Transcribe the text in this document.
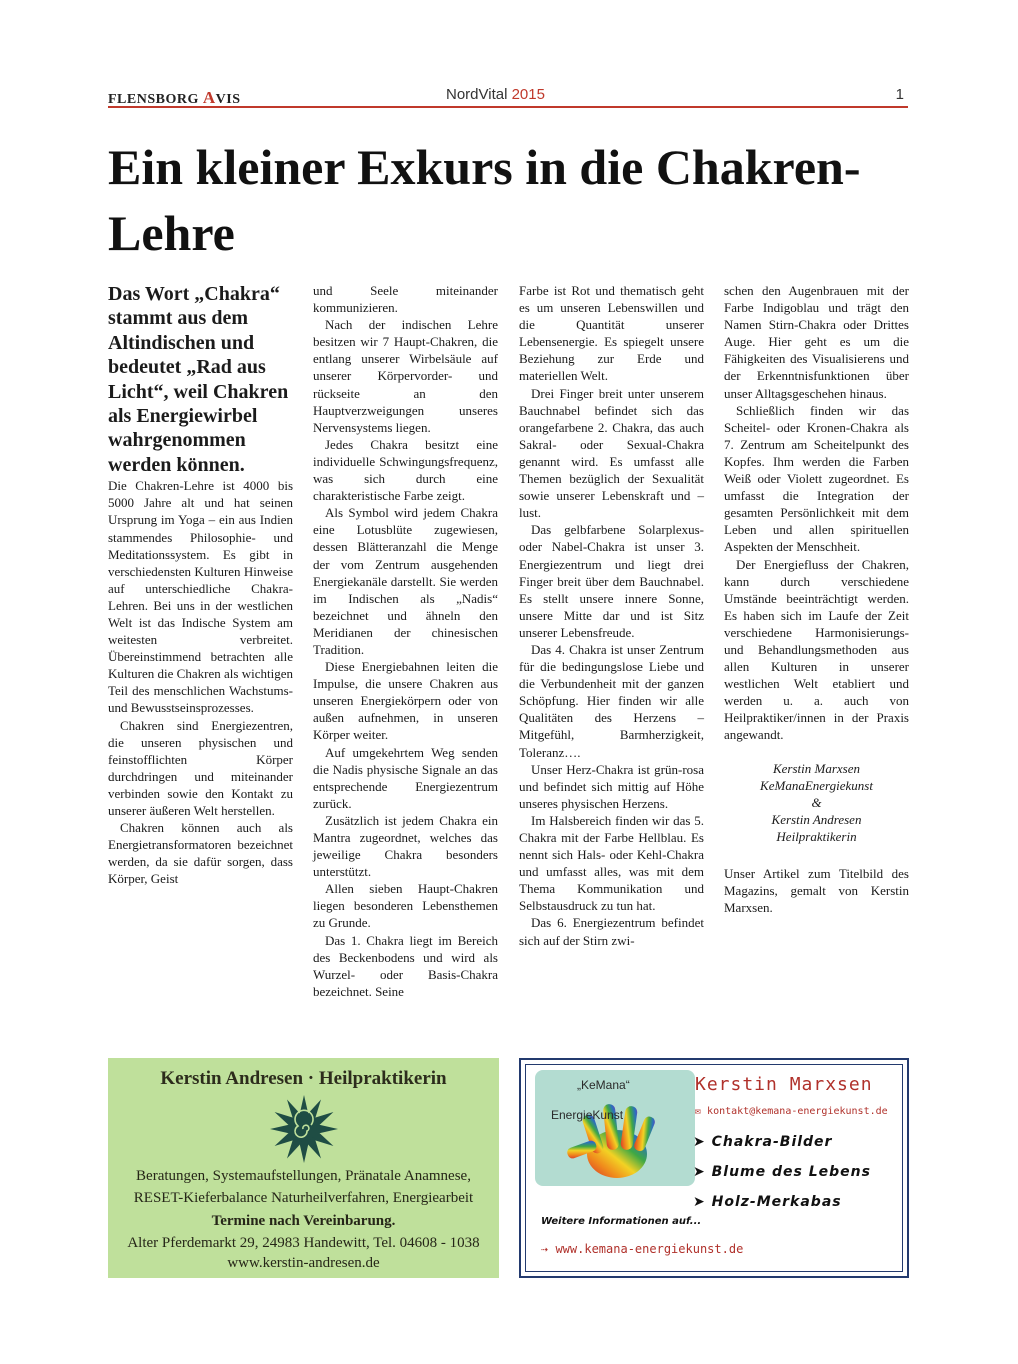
FLENSBORG AVIS	NordVital 2015	1
Ein kleiner Exkurs in die Chakren-Lehre

Das Wort „Chakra“ stammt aus dem Altindischen und bedeutet „Rad aus Licht“, weil Chakren als Energiewirbel wahrgenommen werden können.

Die Chakren-Lehre ist 4000 bis 5000 Jahre alt und hat seinen Ursprung im Yoga – ein aus Indien stammendes Philosophie- und Meditationssystem. Es gibt in verschiedensten Kulturen Hinweise auf unterschiedliche Chakra-Lehren. Bei uns in der westlichen Welt ist das Indische System am weitesten verbreitet. Übereinstimmend betrachten alle Kulturen die Chakren als wichtigen Teil des menschlichen Wachstums- und Bewusstseinsprozesses.

Chakren sind Energiezentren, die unseren physischen und feinstofflichten Körper durchdringen und miteinander verbinden sowie den Kontakt zu unserer äußeren Welt herstellen.

Chakren können auch als Energietransformatoren bezeichnet werden, da sie dafür sorgen, dass Körper, Geist

und Seele miteinander kommunizieren.

Nach der indischen Lehre besitzen wir 7 Haupt-Chakren, die entlang unserer Wirbelsäule auf unserer Körpervorder- und rückseite an den Hauptverzweigungen unseres Nervensystems liegen.

Jedes Chakra besitzt eine individuelle Schwingungsfrequenz, was sich durch eine charakteristische Farbe zeigt.

Als Symbol wird jedem Chakra eine Lotusblüte zugewiesen, dessen Blätteranzahl die Menge der vom Zentrum ausgehenden Energiekanäle darstellt. Sie werden im Indischen als „Nadis“ bezeichnet und ähneln den Meridianen der chinesischen Tradition.

Diese Energiebahnen leiten die Impulse, die unsere Chakren aus unseren Energiekörpern oder von außen aufnehmen, in unseren Körper weiter.

Auf umgekehrtem Weg senden die Nadis physische Signale an das entsprechende Energiezentrum zurück.

Zusätzlich ist jedem Chakra ein Mantra zugeordnet, welches das jeweilige Chakra besonders unterstützt.

Allen sieben Haupt-Chakren liegen besonderen Lebensthemen zu Grunde.

Das 1. Chakra liegt im Bereich des Beckenbodens und wird als Wurzel- oder Basis-Chakra bezeichnet. Seine

Farbe ist Rot und thematisch geht es um unseren Lebenswillen und die Quantität unserer Lebensenergie. Es spiegelt unsere Beziehung zur Erde und materiellen Welt.

Drei Finger breit unter unserem Bauchnabel befindet sich das orangefarbene 2. Chakra, das auch Sakral- oder Sexual-Chakra genannt wird. Es umfasst alle Themen bezüglich der Sexualität sowie unserer Lebenskraft und –lust.

Das gelbfarbene Solarplexus- oder Nabel-Chakra ist unser 3. Energiezentrum und liegt drei Finger breit über dem Bauchnabel. Es stellt unsere innere Sonne, unsere Mitte dar und ist Sitz unserer Lebensfreude.

Das 4. Chakra ist unser Zentrum für die bedingungslose Liebe und die Verbundenheit mit der ganzen Schöpfung. Hier finden wir alle Qualitäten des Herzens – Mitgefühl, Barmherzigkeit, Toleranz….

Unser Herz-Chakra ist grün-rosa und befindet sich mittig auf Höhe unseres physischen Herzens.

Im Halsbereich finden wir das 5. Chakra mit der Farbe Hellblau. Es nennt sich Hals- oder Kehl-Chakra und umfasst alles, was mit dem Thema Kommunikation und Selbstausdruck zu tun hat.

Das 6. Energiezentrum befindet sich auf der Stirn zwi-

schen den Augenbrauen mit der Farbe Indigoblau und trägt den Namen Stirn-Chakra oder Drittes Auge. Hier geht es um die Fähigkeiten des Visualisierens und der Erkenntnisfunktionen über unser Alltagsgeschehen hinaus.

Schließlich finden wir das Scheitel- oder Kronen-Chakra als 7. Zentrum am Scheitelpunkt des Kopfes. Ihm werden die Farben Weiß oder Violett zugeordnet. Es umfasst die Integration der gesamten Persönlichkeit mit dem Leben und allen spirituellen Aspekten der Menschheit.

Der Energiefluss der Chakren, kann durch verschiedene Umstände beeinträchtigt werden. Es haben sich im Laufe der Zeit verschiedene Harmonisierungs- und Behandlungsmethoden aus allen Kulturen in unserer westlichen Welt etabliert und werden u. a. auch von Heilpraktiker/innen in der Praxis angewandt.

Kerstin Marxsen
KeManaEnergiekunst
&
Kerstin Andresen
Heilpraktikerin

Unser Artikel zum Titelbild des Magazins, gemalt von Kerstin Marxsen.

Kerstin Andresen · Heilpraktikerin
Beratungen, Systemaufstellungen, Pränatale Anamnese,
RESET-Kieferbalance Naturheilverfahren, Energiearbeit
Termine nach Vereinbarung.
Alter Pferdemarkt 29, 24983 Handewitt, Tel. 04608 - 1038
www.kerstin-andresen.de
„KeMana“
EnergieKunst
Kerstin Marxsen
✉ kontakt@kemana-energiekunst.de
➤ Chakra-Bilder
➤ Blume des Lebens
➤ Holz-Merkabas
Weitere Informationen auf...
⇢ www.kemana-energiekunst.de
